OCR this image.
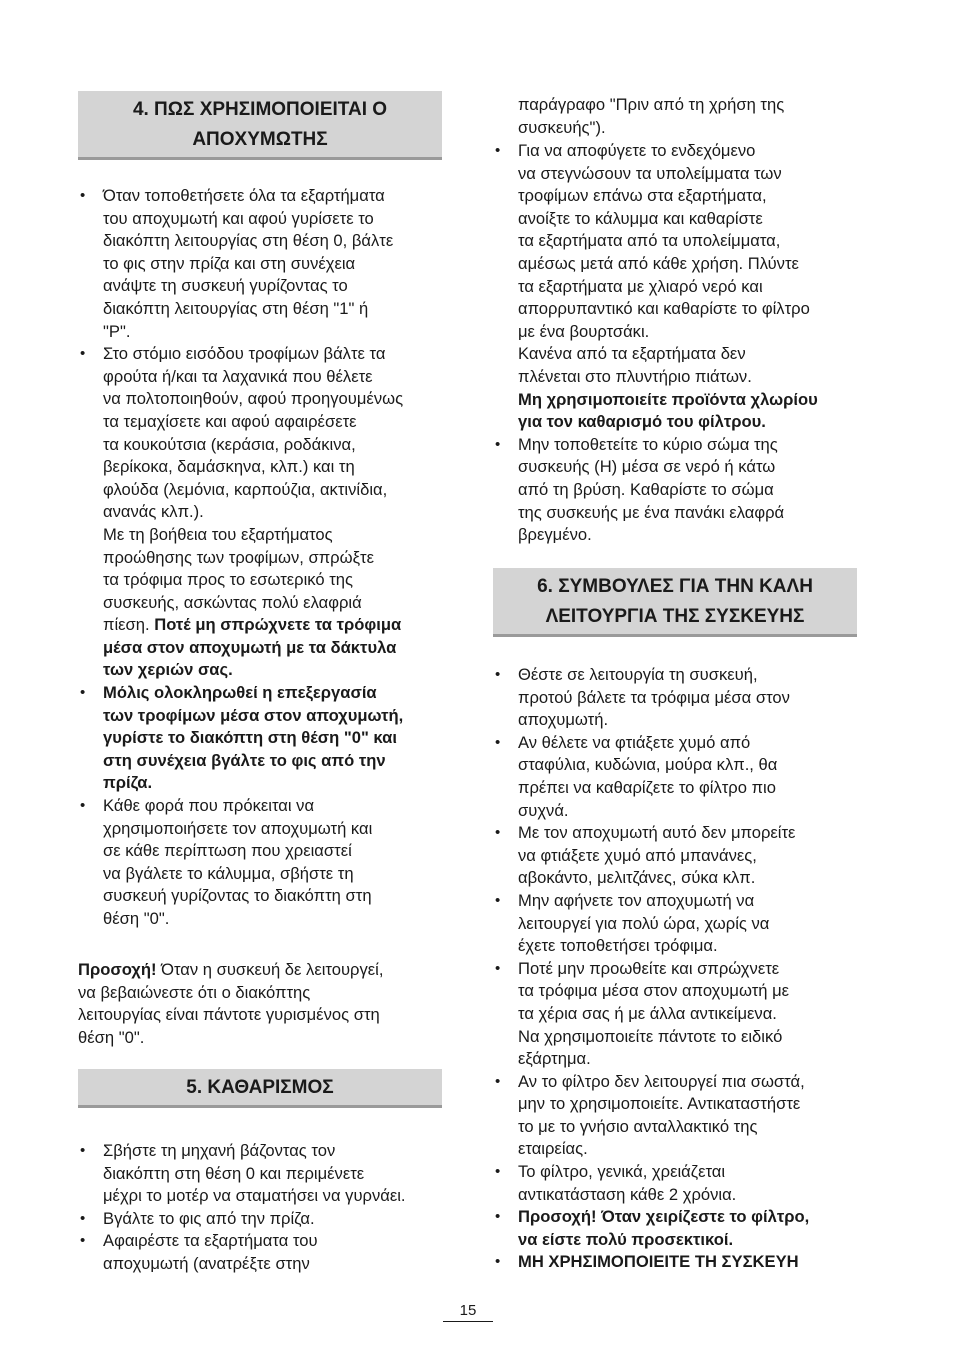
4. ΠΩΣ ΧΡΗΣΙΜΟΠΟΙΕΙΤΑΙ Ο
ΑΠΟΧΥΜΩΤΗΣ
• Όταν τοποθετήσετε όλα τα εξαρτήματα
του αποχυμωτή και αφού γυρίσετε το
διακόπτη λειτουργίας στη θέση 0, βάλτε
το φις στην πρίζα και στη συνέχεια
ανάψτε τη συσκευή γυρίζοντας το
διακόπτη λειτουργίας στη θέση "1" ή
"P".
• Στο στόμιο εισόδου τροφίμων βάλτε τα
φρούτα ή/και τα λαχανικά που θέλετε
να πολτοποιηθούν, αφού προηγουμένως
τα τεμαχίσετε και αφού αφαιρέσετε
τα κουκούτσια (κεράσια, ροδάκινα,
βερίκοκα, δαμάσκηνα, κλπ.) και τη
φλούδα (λεμόνια, καρπούζια, ακτινίδια,
ανανάς κλπ.).
Με τη βοήθεια του εξαρτήματος
προώθησης των τροφίμων, σπρώξτε
τα τρόφιμα προς το εσωτερικό της
συσκευής, ασκώντας πολύ ελαφριά
πίεση. Ποτέ μη σπρώχνετε τα τρόφιμα
μέσα στον αποχυμωτή με τα δάκτυλα
των χεριών σας.
• Μόλις ολοκληρωθεί η επεξεργασία
των τροφίμων μέσα στον αποχυμωτή,
γυρίστε το διακόπτη στη θέση "0" και
στη συνέχεια βγάλτε το φις από την
πρίζα.
• Κάθε φορά που πρόκειται να
χρησιμοποιήσετε τον αποχυμωτή και
σε κάθε περίπτωση που χρειαστεί
να βγάλετε το κάλυμμα, σβήστε τη
συσκευή γυρίζοντας το διακόπτη στη
θέση "0".
Προσοχή! Όταν η συσκευή δε λειτουργεί,
να βεβαιώνεστε ότι ο διακόπτης
λειτουργίας είναι πάντοτε γυρισμένος στη
θέση "0".
5. ΚΑΘΑΡΙΣΜΟΣ
• Σβήστε τη μηχανή βάζοντας τον
διακόπτη στη θέση 0 και περιμένετε
μέχρι το μοτέρ να σταματήσει να γυρνάει.
• Βγάλτε το φις από την πρίζα.
• Αφαιρέστε τα εξαρτήματα του
αποχυμωτή (ανατρέξτε στην
παράγραφο "Πριν από τη χρήση της
συσκευής").
• Για να αποφύγετε το ενδεχόμενο
να στεγνώσουν τα υπολείμματα των
τροφίμων επάνω στα εξαρτήματα,
ανοίξτε το κάλυμμα και καθαρίστε
τα εξαρτήματα από τα υπολείμματα,
αμέσως μετά από κάθε χρήση. Πλύντε
τα εξαρτήματα με χλιαρό νερό και
απορρυπαντικό και καθαρίστε το φίλτρο
με ένα βουρτσάκι.
Κανένα από τα εξαρτήματα δεν
πλένεται στο πλυντήριο πιάτων.
Μη χρησιμοποιείτε προϊόντα χλωρίου
για τον καθαρισμό του φίλτρου.
• Μην τοποθετείτε το κύριο σώμα της
συσκευής (H) μέσα σε νερό ή κάτω
από τη βρύση. Καθαρίστε το σώμα
της συσκευής με ένα πανάκι ελαφρά
βρεγμένο.
6. ΣΥΜΒΟΥΛΕΣ ΓΙΑ ΤΗΝ ΚΑΛΗ
ΛΕΙΤΟΥΡΓΙΑ ΤΗΣ ΣΥΣΚΕΥΗΣ
• Θέστε σε λειτουργία τη συσκευή,
προτού βάλετε τα τρόφιμα μέσα στον
αποχυμωτή.
• Αν θέλετε να φτιάξετε χυμό από
σταφύλια, κυδώνια, μούρα κλπ., θα
πρέπει να καθαρίζετε το φίλτρο πιο
συχνά.
• Με τον αποχυμωτή αυτό δεν μπορείτε
να φτιάξετε χυμό από μπανάνες,
αβοκάντο, μελιτζάνες, σύκα κλπ.
• Μην αφήνετε τον αποχυμωτή να
λειτουργεί για πολύ ώρα, χωρίς να
έχετε τοποθετήσει τρόφιμα.
• Ποτέ μην προωθείτε και σπρώχνετε
τα τρόφιμα μέσα στον αποχυμωτή με
τα χέρια σας ή με άλλα αντικείμενα.
Να χρησιμοποιείτε πάντοτε το ειδικό
εξάρτημα.
• Αν το φίλτρο δεν λειτουργεί πια σωστά,
μην το χρησιμοποιείτε. Αντικαταστήστε
το με το γνήσιο ανταλλακτικό της
εταιρείας.
• Το φίλτρο, γενικά, χρειάζεται
αντικατάσταση κάθε 2 χρόνια.
• Προσοχή! Όταν χειρίζεστε το φίλτρο,
να είστε πολύ προσεκτικοί.
• ΜΗ ΧΡΗΣΙΜΟΠΟΙΕΙΤΕ ΤΗ ΣΥΣΚΕΥΗ
15
